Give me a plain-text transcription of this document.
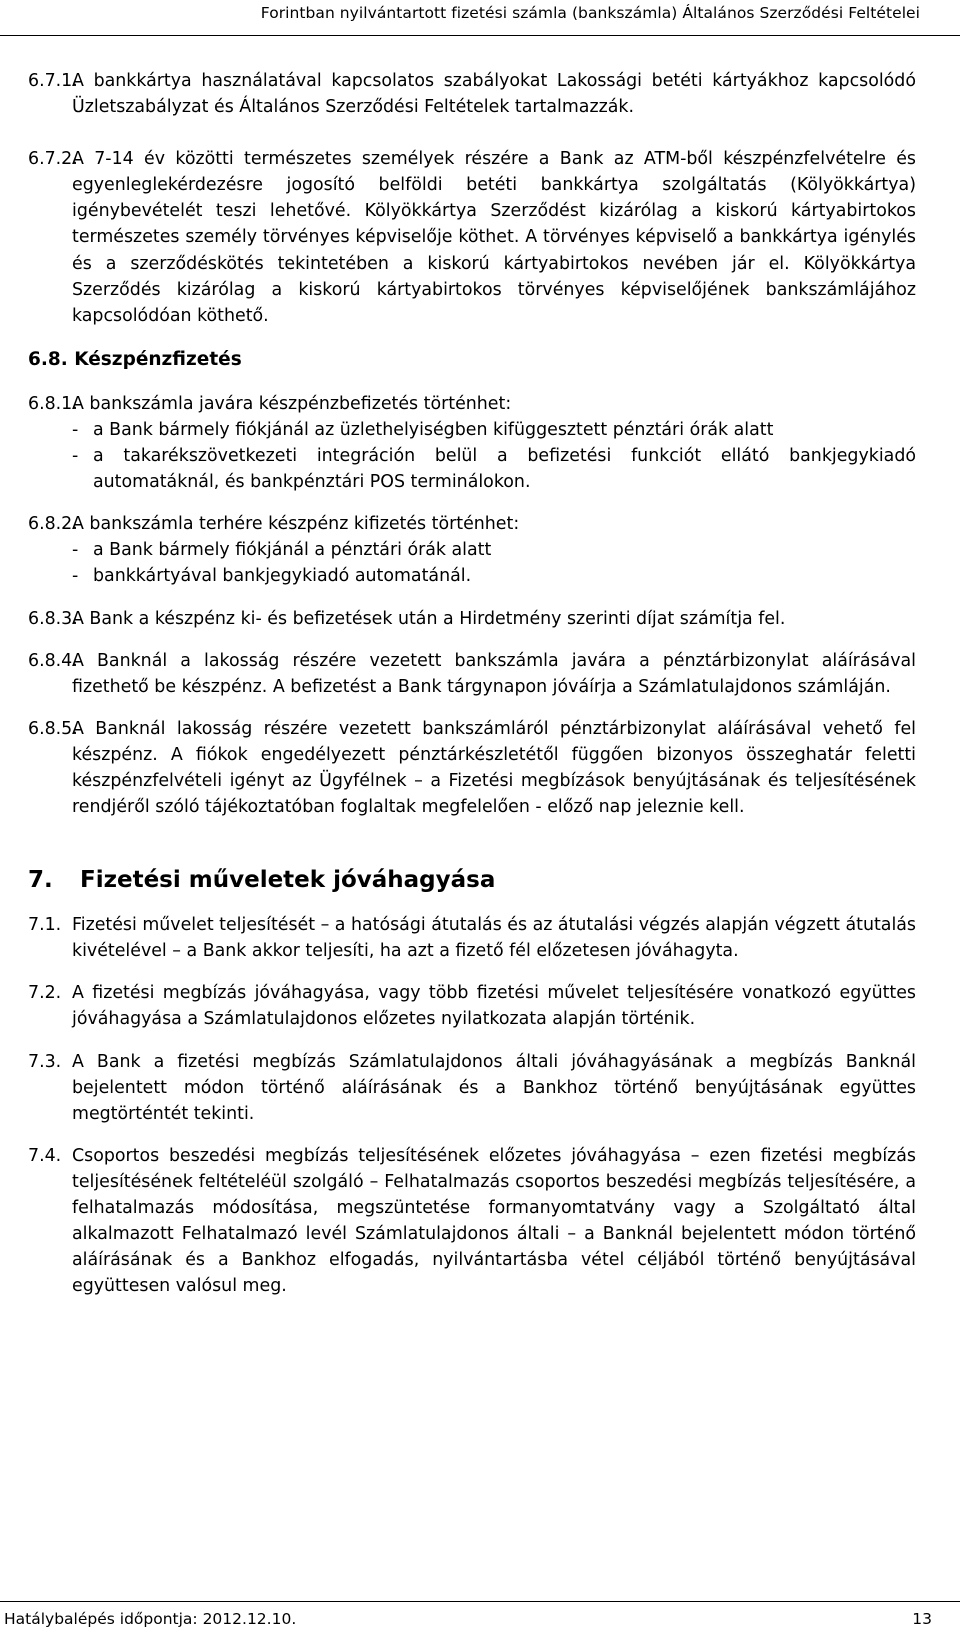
Forintban nyilvántartott fizetési számla (bankszámla) Általános Szerződési Feltételei
6.7.1.
A bankkártya használatával kapcsolatos szabályokat Lakossági betéti kártyákhoz kapcsolódó Üzletszabályzat és Általános Szerződési Feltételek tartalmazzák.
6.7.2.
A 7-14 év közötti természetes személyek részére a Bank az ATM-ből készpénzfelvételre és egyenleglekérdezésre jogosító belföldi betéti bankkártya szolgáltatás (Kölyökkártya) igénybevételét teszi lehetővé. Kölyökkártya Szerződést kizárólag a kiskorú kártyabirtokos természetes személy törvényes képviselője köthet. A törvényes képviselő a bankkártya igénylés és a szerződéskötés tekintetében a kiskorú kártyabirtokos nevében jár el. Kölyökkártya Szerződés kizárólag a kiskorú kártyabirtokos törvényes képviselőjének bankszámlájához kapcsolódóan köthető.
6.8. Készpénzfizetés
6.8.1.
A bankszámla javára készpénzbefizetés történhet:
- a Bank bármely fiókjánál az üzlethelyiségben kifüggesztett pénztári órák alatt
- a takarékszövetkezeti integráción belül a befizetési funkciót ellátó bankjegykiadó automatáknál, és bankpénztári POS terminálokon.
6.8.2.
A bankszámla terhére készpénz kifizetés történhet:
- a Bank bármely fiókjánál a pénztári órák alatt
- bankkártyával bankjegykiadó automatánál.
6.8.3.
A Bank a készpénz ki- és befizetések után a Hirdetmény szerinti díjat számítja fel.
6.8.4.
A Banknál a lakosság részére vezetett bankszámla javára a pénztárbizonylat aláírásával fizethető be készpénz. A befizetést a Bank tárgynapon jóváírja a Számlatulajdonos számláján.
6.8.5.
A Banknál lakosság részére vezetett bankszámláról pénztárbizonylat aláírásával vehető fel készpénz. A fiókok engedélyezett pénztárkészletétől függően bizonyos összeghatár feletti készpénzfelvételi igényt az Ügyfélnek – a Fizetési megbízások benyújtásának és teljesítésének rendjéről szóló tájékoztatóban foglaltak megfelelően - előző nap jeleznie kell.
7. Fizetési műveletek jóváhagyása
7.1. Fizetési művelet teljesítését – a hatósági átutalás és az átutalási végzés alapján végzett átutalás kivételével – a Bank akkor teljesíti, ha azt a fizető fél előzetesen jóváhagyta.
7.2. A fizetési megbízás jóváhagyása, vagy több fizetési művelet teljesítésére vonatkozó együttes jóváhagyása a Számlatulajdonos előzetes nyilatkozata alapján történik.
7.3. A Bank a fizetési megbízás Számlatulajdonos általi jóváhagyásának a megbízás Banknál bejelentett módon történő aláírásának és a Bankhoz történő benyújtásának együttes megtörténtét tekinti.
7.4. Csoportos beszedési megbízás teljesítésének előzetes jóváhagyása – ezen fizetési megbízás teljesítésének feltételéül szolgáló – Felhatalmazás csoportos beszedési megbízás teljesítésére, a felhatalmazás módosítása, megszüntetése formanyomtatvány vagy a Szolgáltató által alkalmazott Felhatalmazó levél Számlatulajdonos általi – a Banknál bejelentett módon történő aláírásának és a Bankhoz elfogadás, nyilvántartásba vétel céljából történő benyújtásával együttesen valósul meg.
Hatálybalépés időpontja: 2012.12.10.	13
